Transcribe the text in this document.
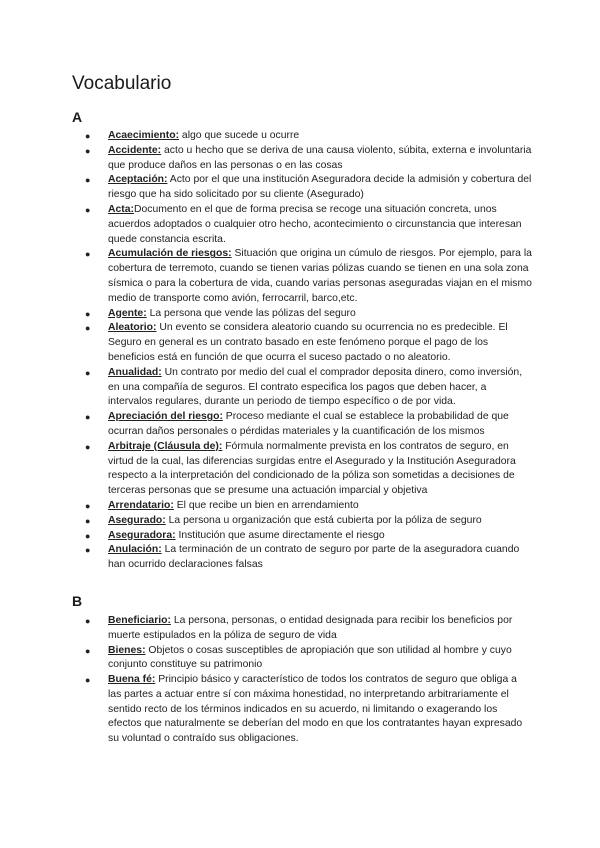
Vocabulario
A
● Acaecimiento: algo que sucede u ocurre
● Accidente: acto u hecho que se deriva de una causa violento, súbita, externa e involuntaria que produce daños en las personas o en las cosas
● Aceptación: Acto por el que una institución Aseguradora decide la admisión y cobertura del riesgo que ha sido solicitado por su cliente (Asegurado)
● Acta:Documento en el que de forma precisa se recoge una situación concreta, unos acuerdos adoptados o cualquier otro hecho, acontecimiento o circunstancia que interesan quede constancia escrita.
● Acumulación de riesgos: Situación que origina un cúmulo de riesgos. Por ejemplo, para la cobertura de terremoto, cuando se tienen varias pólizas cuando se tienen en una sola zona sísmica o para la cobertura de vida, cuando varias personas aseguradas viajan en el mismo medio de transporte como avión, ferrocarril, barco,etc.
● Agente: La persona que vende las pólizas del seguro
● Aleatorio: Un evento se considera aleatorio cuando su ocurrencia no es predecible. El Seguro en general es un contrato basado en este fenómeno porque el pago de los beneficios está en función de que ocurra el suceso pactado o no aleatorio.
● Anualidad: Un contrato por medio del cual el comprador deposita dinero, como inversión, en una compañía de seguros. El contrato especifica los pagos que deben hacer, a intervalos regulares, durante un periodo de tiempo específico o de por vida.
● Apreciación del riesgo: Proceso mediante el cual se establece la probabilidad de que ocurran daños personales o pérdidas materiales y la cuantificación de los mismos
● Arbitraje (Cláusula de): Fórmula normalmente prevista en los contratos de seguro, en virtud de la cual, las diferencias surgidas entre el Asegurado y la Institución Aseguradora respecto a la interpretación del condicionado de la póliza son sometidas a decisiones de terceras personas que se presume una actuación imparcial y objetiva
● Arrendatario: El que recibe un bien en arrendamiento
● Asegurado: La persona u organización que está cubierta por la póliza de seguro
● Aseguradora: Institución que asume directamente el riesgo
● Anulación: La terminación de un contrato de seguro por parte de la aseguradora cuando han ocurrido declaraciones falsas
B
● Beneficiario: La persona, personas, o entidad designada para recibir los beneficios por muerte estipulados en la póliza de seguro de vida
● Bienes: Objetos o cosas susceptibles de apropiación que son utilidad al hombre y cuyo conjunto constituye su patrimonio
● Buena fé: Principio básico y característico de todos los contratos de seguro que obliga a las partes a actuar entre sí con máxima honestidad, no interpretando arbitrariamente el sentido recto de los términos indicados en su acuerdo, ni limitando o exagerando los efectos que naturalmente se deberían del modo en que los contratantes hayan expresado su voluntad o contraído sus obligaciones.
